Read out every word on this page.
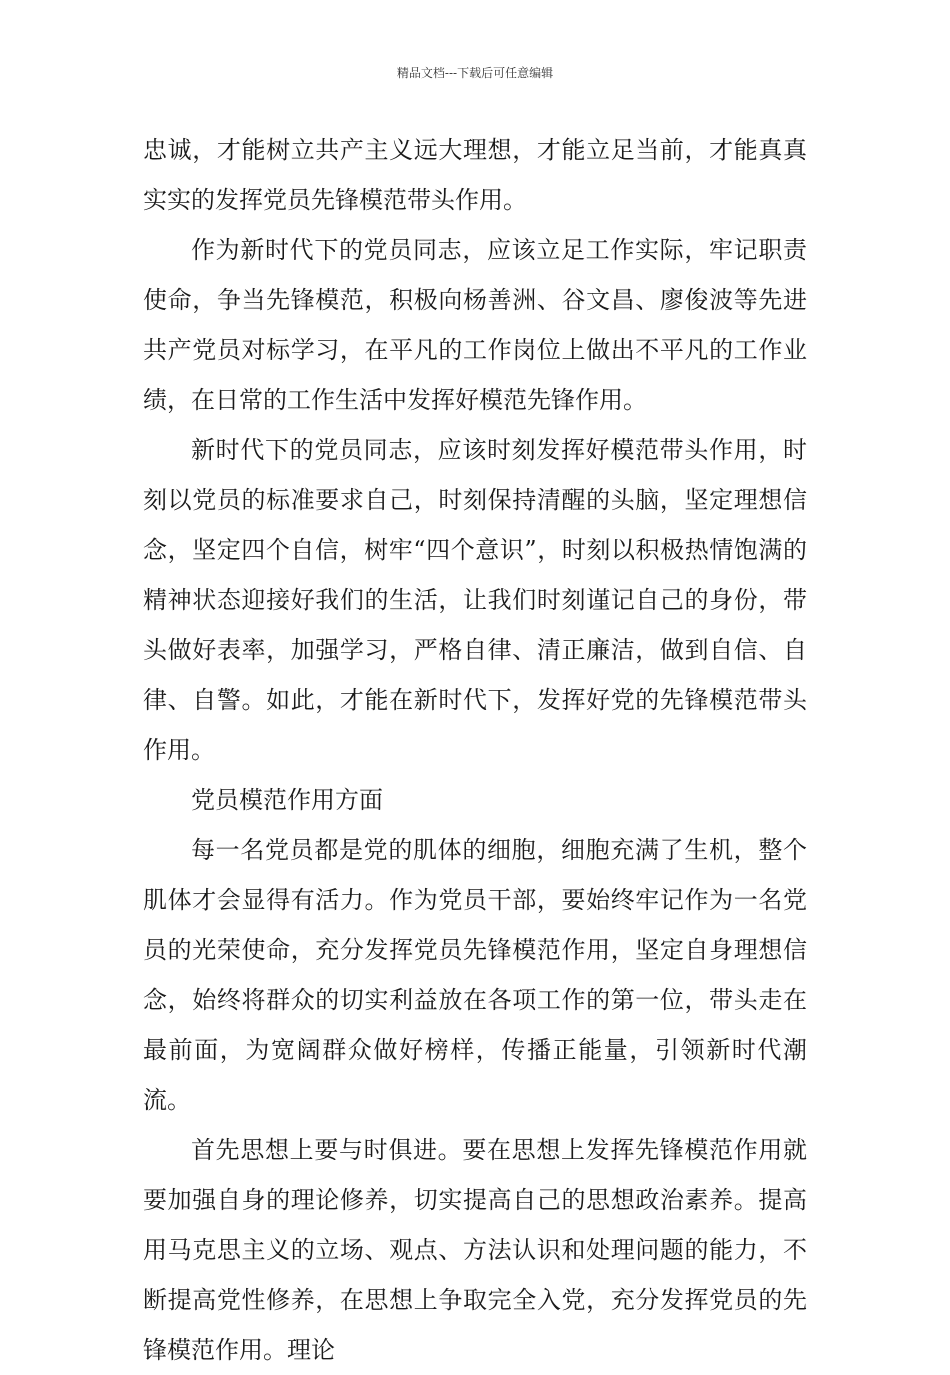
精品文档---下载后可任意编辑

忠诚，才能树立共产主义远大理想，才能立足当前，才能真真实实的发挥党员先锋模范带头作用。

作为新时代下的党员同志，应该立足工作实际，牢记职责使命，争当先锋模范，积极向杨善洲、谷文昌、廖俊波等先进共产党员对标学习，在平凡的工作岗位上做出不平凡的工作业绩，在日常的工作生活中发挥好模范先锋作用。

新时代下的党员同志，应该时刻发挥好模范带头作用，时刻以党员的标准要求自己，时刻保持清醒的头脑，坚定理想信念，坚定四个自信，树牢“四个意识”，时刻以积极热情饱满的精神状态迎接好我们的生活，让我们时刻谨记自己的身份，带头做好表率，加强学习，严格自律、清正廉洁，做到自信、自律、自警。如此，才能在新时代下，发挥好党的先锋模范带头作用。

党员模范作用方面

每一名党员都是党的肌体的细胞，细胞充满了生机，整个肌体才会显得有活力。作为党员干部，要始终牢记作为一名党员的光荣使命，充分发挥党员先锋模范作用，坚定自身理想信念，始终将群众的切实利益放在各项工作的第一位，带头走在最前面，为宽阔群众做好榜样，传播正能量，引领新时代潮流。

首先思想上要与时俱进。要在思想上发挥先锋模范作用就要加强自身的理论修养，切实提高自己的思想政治素养。提高用马克思主义的立场、观点、方法认识和处理问题的能力，不断提高党性修养，在思想上争取完全入党，充分发挥党员的先锋模范作用。理论
